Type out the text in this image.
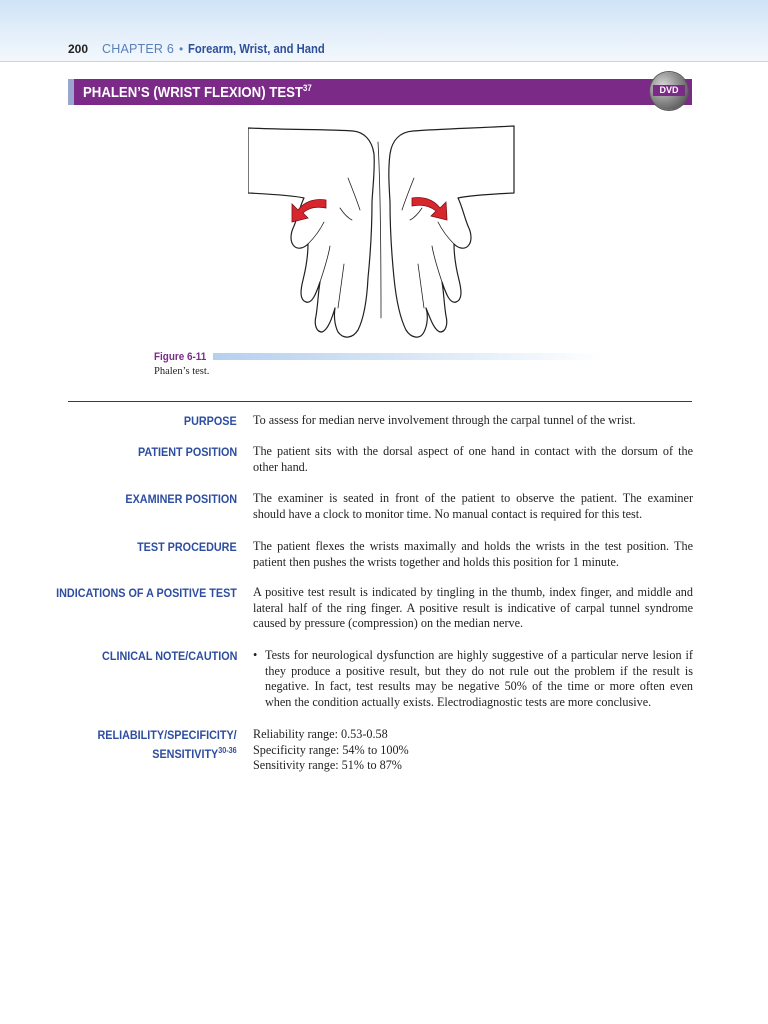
200 CHAPTER 6 • Forearm, Wrist, and Hand
PHALEN’S (WRIST FLEXION) TEST$^{37}$	DVD
Figure 6-11
Phalen’s test.
PURPOSE To assess for median nerve involvement through the carpal tunnel of the wrist.
PATIENT POSITION The patient sits with the dorsal aspect of one hand in contact with the dorsum of the
other hand.
EXAMINER POSITION The examiner is seated in front of the patient to observe the patient. The examiner
should have a clock to monitor time. No manual contact is required for this test.
TEST PROCEDURE The patient flexes the wrists maximally and holds the wrists in the test position. The
patient then pushes the wrists together and holds this position for 1 minute.
INDICATIONS OF A POSITIVE TEST A positive test result is indicated by tingling in the thumb, index finger, and middle and
lateral half of the ring finger. A positive result is indicative of carpal tunnel syndrome
caused by pressure (compression) on the median nerve.
CLINICAL NOTE/CAUTION • Tests for neurological dysfunction are highly suggestive of a particular nerve lesion if
they produce a positive result, but they do not rule out the problem if the result is
negative. In fact, test results may be negative 50% of the time or more often even
when the condition actually exists. Electrodiagnostic tests are more conclusive.
RELIABILITY/SPECIFICITY/
SENSITIVITY$^{30-36}$
Reliability range: 0.53-0.58
Specificity range: 54% to 100%
Sensitivity range: 51% to 87%
